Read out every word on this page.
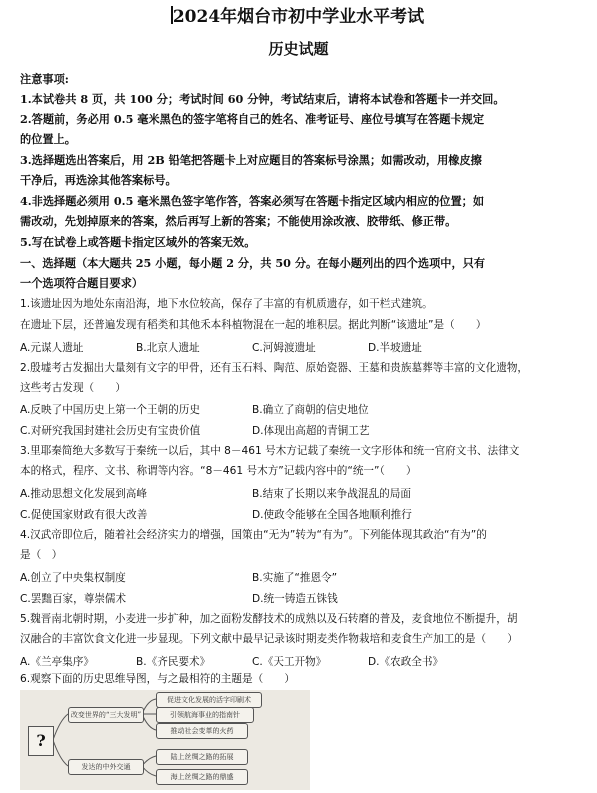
2024年烟台市初中学业水平考试
历史试题
注意事项:
1.本试卷共 8 页，共 100 分；考试时间 60 分钟，考试结束后，请将本试卷和答题卡一并交回。
2.答题前，务必用 0.5 毫米黑色的签字笔将自己的姓名、准考证号、座位号填写在答题卡规定
的位置上。
3.选择题选出答案后，用 2B 铅笔把答题卡上对应题目的答案标号涂黑；如需改动，用橡皮擦
干净后，再选涂其他答案标号。
4.非选择题必须用 0.5 毫米黑色签字笔作答，答案必须写在答题卡指定区域内相应的位置；如
需改动，先划掉原来的答案，然后再写上新的答案；不能使用涂改液、胶带纸、修正带。
5.写在试卷上或答题卡指定区域外的答案无效。
一、选择题（本大题共 25 小题，每小题 2 分，共 50 分。在每小题列出的四个选项中，只有
一个选项符合题目要求）
1.该遗址因为地处东南沿海，地下水位较高，保存了丰富的有机质遗存，如干栏式建筑。
在遗址下层，还普遍发现有稻类和其他禾本科植物混在一起的堆积层。据此判断“该遗址”是（　　）
A.元谋人遗址	B.北京人遗址	C.河姆渡遗址	D.半坡遗址
2.殷墟考古发掘出大量刻有文字的甲骨，还有玉石料、陶范、原始瓷器、王墓和贵族墓葬等丰富的文化遗物，
这些考古发现（　　）
A.反映了中国历史上第一个王朝的历史	B.确立了商朝的信史地位
C.对研究我国封建社会历史有宝贵价值	D.体现出高超的青铜工艺
3.里耶秦简绝大多数写于秦统一以后，其中 8－461 号木方记载了秦统一文字形体和统一官府文书、法律文
本的格式，程序、文书、称谓等内容。“8－461 号木方”记载内容中的“统一”（　　）
A.推动思想文化发展到高峰	B.结束了长期以来争战混乱的局面
C.促使国家财政有很大改善	D.使政令能够在全国各地顺利推行
4.汉武帝即位后，随着社会经济实力的增强，国策由“无为”转为“有为”。下列能体现其政治“有为”的
是（　）
A.创立了中央集权制度	B.实施了“推恩令”
C.罢黜百家，尊崇儒术	D.统一铸造五铢钱
5.魏晋南北朝时期，小麦进一步扩种，加之面粉发酵技术的成熟以及石转磨的普及，麦食地位不断提升，胡
汉融合的丰富饮食文化进一步显现。下列文献中最早记录该时期麦类作物栽培和麦食生产加工的是（　　）
A.《兰亭集序》	B.《齐民要术》	C.《天工开物》	D.《农政全书》
6.观察下面的历史思维导图，与之最相符的主题是（　　）
?
改变世界的“三大发明”
发达的中外交通
促进文化发展的活字印刷术
引领航海事业的指南针
推动社会变革的火药
陆上丝绸之路的拓展
海上丝绸之路的鼎盛
